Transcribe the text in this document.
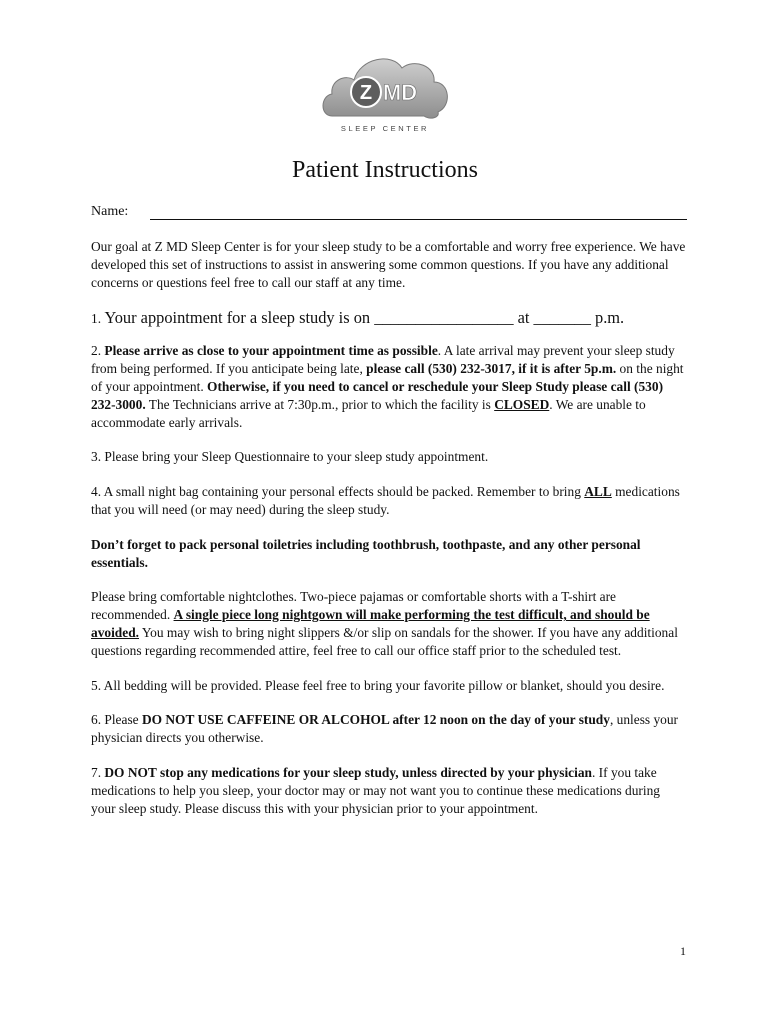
Z MD
SLEEP CENTER
Patient Instructions
Name:

Our goal at Z MD Sleep Center is for your sleep study to be a comfortable and worry free experience. We have developed this set of instructions to assist in answering some common questions. If you have any additional concerns or questions feel free to call our staff at any time.

1. Your appointment for a sleep study is on _________________ at _______ p.m.

2. Please arrive as close to your appointment time as possible. A late arrival may prevent your sleep study from being performed. If you anticipate being late, please call (530) 232-3017, if it is after 5p.m. on the night of your appointment. Otherwise, if you need to cancel or reschedule your Sleep Study please call (530) 232-3000. The Technicians arrive at 7:30p.m., prior to which the facility is CLOSED. We are unable to accommodate early arrivals.

3. Please bring your Sleep Questionnaire to your sleep study appointment.

4. A small night bag containing your personal effects should be packed. Remember to bring ALL medications that you will need (or may need) during the sleep study.

Don’t forget to pack personal toiletries including toothbrush, toothpaste, and any other personal essentials.

Please bring comfortable nightclothes. Two-piece pajamas or comfortable shorts with a T-shirt are recommended. A single piece long nightgown will make performing the test difficult, and should be avoided. You may wish to bring night slippers &/or slip on sandals for the shower. If you have any additional questions regarding recommended attire, feel free to call our office staff prior to the scheduled test.

5. All bedding will be provided. Please feel free to bring your favorite pillow or blanket, should you desire.

6. Please DO NOT USE CAFFEINE OR ALCOHOL after 12 noon on the day of your study, unless your physician directs you otherwise.

7. DO NOT stop any medications for your sleep study, unless directed by your physician. If you take medications to help you sleep, your doctor may or may not want you to continue these medications during your sleep study. Please discuss this with your physician prior to your appointment.

1
